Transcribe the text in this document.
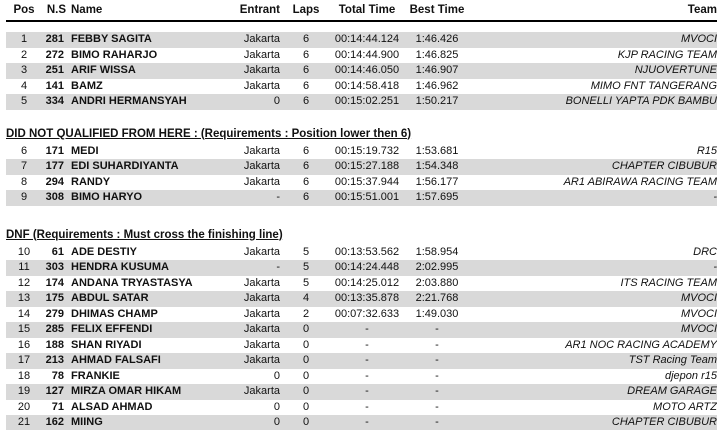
Pos	N.S Name	Entrant	Laps	Total Time	Best Time	Team
1	281 FEBBY SAGITA	Jakarta	6	00:14:44.124	1:46.426	MVOCI
2	272 BIMO RAHARJO	Jakarta	6	00:14:44.900	1:46.825	KJP RACING TEAM
3	251 ARIF WISSA	Jakarta	6	00:14:46.050	1:46.907	NJUOVERTUNE
4	141 BAMZ	Jakarta	6	00:14:58.418	1:46.962	MIMO FNT TANGERANG
5	334 ANDRI HERMANSYAH	0	6	00:15:02.251	1:50.217	BONELLI YAPTA PDK BAMBU
DID NOT QUALIFIED FROM HERE : (Requirements : Position lower then 6)
6	171 MEDI	Jakarta	6	00:15:19.732	1:53.681	R15
7	177 EDI SUHARDIYANTA	Jakarta	6	00:15:27.188	1:54.348	CHAPTER CIBUBUR
8	294 RANDY	Jakarta	6	00:15:37.944	1:56.177	AR1 ABIRAWA RACING TEAM
9	308 BIMO HARYO	-	6	00:15:51.001	1:57.695	-
DNF (Requirements : Must cross the finishing line)
10	61 ADE DESTIY	Jakarta	5	00:13:53.562	1:58.954	DRC
11	303 HENDRA KUSUMA	-	5	00:14:24.448	2:02.995	-
12	174 ANDANA TRYASTASYA	Jakarta	5	00:14:25.012	2:03.880	ITS RACING TEAM
13	175 ABDUL SATAR	Jakarta	4	00:13:35.878	2:21.768	MVOCI
14	279 DHIMAS CHAMP	Jakarta	2	00:07:32.633	1:49.030	MVOCI
15	285 FELIX EFFENDI	Jakarta	0	-	-	MVOCI
16	188 SHAN RIYADI	Jakarta	0	-	-	AR1 NOC RACING ACADEMY
17	213 AHMAD FALSAFI	Jakarta	0	-	-	TST Racing Team
18	78 FRANKIE	0	0	-	-	djepon r15
19	127 MIRZA OMAR HIKAM	Jakarta	0	-	-	DREAM GARAGE
20	71 ALSAD AHMAD	0	0	-	-	MOTO ARTZ
21	162 MIING	0	0	-	-	CHAPTER CIBUBUR
